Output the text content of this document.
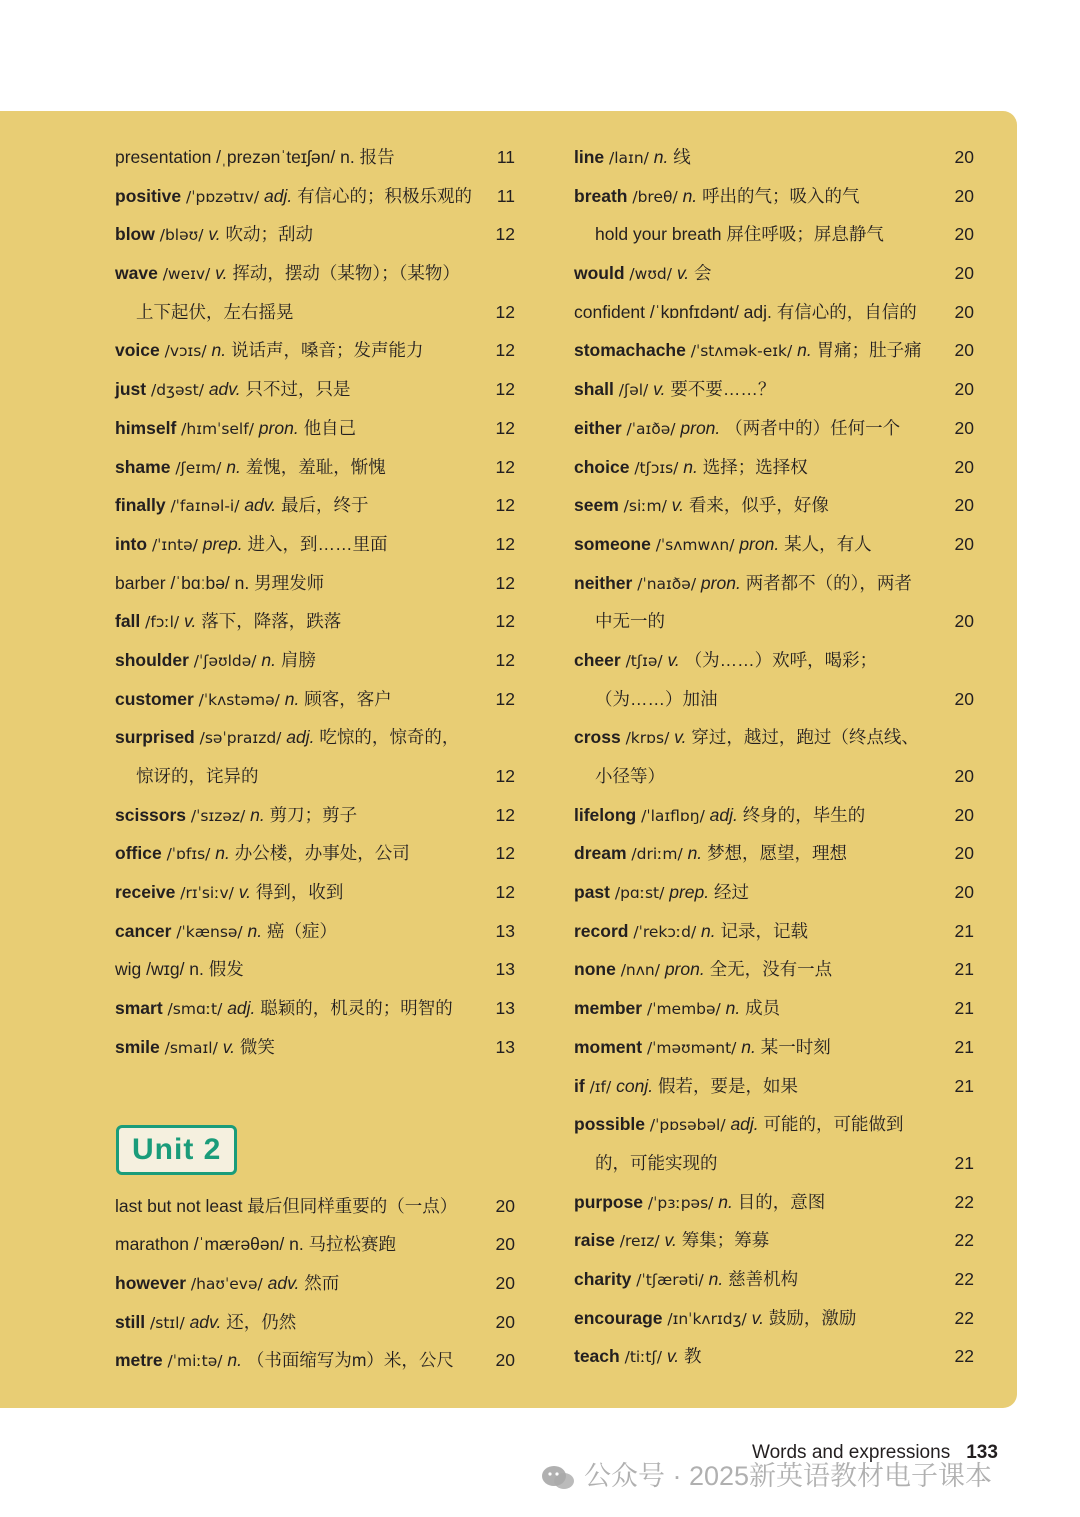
presentation /ˌprezənˈteɪʃən/ n. 报告	11
positive /ˈpɒzətɪv/ adj. 有信心的；积极乐观的	11
blow /bləʊ/ v. 吹动；刮动	12
wave /weɪv/ v. 挥动，摆动（某物）；（某物）
上下起伏，左右摇晃	12
voice /vɔɪs/ n. 说话声，嗓音；发声能力	12
just /dʒəst/ adv. 只不过，只是	12
himself /hɪmˈself/ pron. 他自己	12
shame /ʃeɪm/ n. 羞愧，羞耻，惭愧	12
finally /ˈfaɪnəl-i/ adv. 最后，终于	12
into /ˈɪntə/ prep. 进入，到……里面	12
barber /ˈbɑːbə/ n. 男理发师	12
fall /fɔːl/ v. 落下，降落，跌落	12
shoulder /ˈʃəʊldə/ n. 肩膀	12
customer /ˈkʌstəmə/ n. 顾客，客户	12
surprised /səˈpraɪzd/ adj. 吃惊的，惊奇的，
惊讶的，诧异的	12
scissors /ˈsɪzəz/ n. 剪刀；剪子	12
office /ˈɒfɪs/ n. 办公楼，办事处，公司	12
receive /rɪˈsiːv/ v. 得到，收到	12
cancer /ˈkænsə/ n. 癌（症）	13
wig /wɪɡ/ n. 假发	13
smart /smɑːt/ adj. 聪颖的，机灵的；明智的	13
smile /smaɪl/ v. 微笑	13
Unit 2
last but not least 最后但同样重要的（一点）	20
marathon /ˈmærəθən/ n. 马拉松赛跑	20
however /haʊˈevə/ adv. 然而	20
still /stɪl/ adv. 还，仍然	20
metre /ˈmiːtə/ n. （书面缩写为m）米，公尺	20
line /laɪn/ n. 线	20
breath /breθ/ n. 呼出的气；吸入的气	20
hold your breath 屏住呼吸；屏息静气	20
would /wʊd/ v. 会	20
confident /ˈkɒnfɪdənt/ adj. 有信心的，自信的	20
stomachache /ˈstʌmək-eɪk/ n. 胃痛；肚子痛	20
shall /ʃəl/ v. 要不要……？	20
either /ˈaɪðə/ pron. （两者中的）任何一个	20
choice /tʃɔɪs/ n. 选择；选择权	20
seem /siːm/ v. 看来，似乎，好像	20
someone /ˈsʌmwʌn/ pron. 某人，有人	20
neither /ˈnaɪðə/ pron. 两者都不（的），两者
中无一的	20
cheer /tʃɪə/ v. （为……）欢呼，喝彩；
（为……）加油	20
cross /krɒs/ v. 穿过，越过，跑过（终点线、
小径等）	20
lifelong /ˈlaɪflɒŋ/ adj. 终身的，毕生的	20
dream /driːm/ n. 梦想，愿望，理想	20
past /pɑːst/ prep. 经过	20
record /ˈrekɔːd/ n. 记录，记载	21
none /nʌn/ pron. 全无，没有一点	21
member /ˈmembə/ n. 成员	21
moment /ˈməʊmənt/ n. 某一时刻	21
if /ɪf/ conj. 假若，要是，如果	21
possible /ˈpɒsəbəl/ adj. 可能的，可能做到
的，可能实现的	21
purpose /ˈpɜːpəs/ n. 目的，意图	22
raise /reɪz/ v. 筹集；筹募	22
charity /ˈtʃærəti/ n. 慈善机构	22
encourage /ɪnˈkʌrɪdʒ/ v. 鼓励，激励	22
teach /tiːtʃ/ v. 教	22
Words and expressions 133
公众号 · 2025新英语教材电子课本
